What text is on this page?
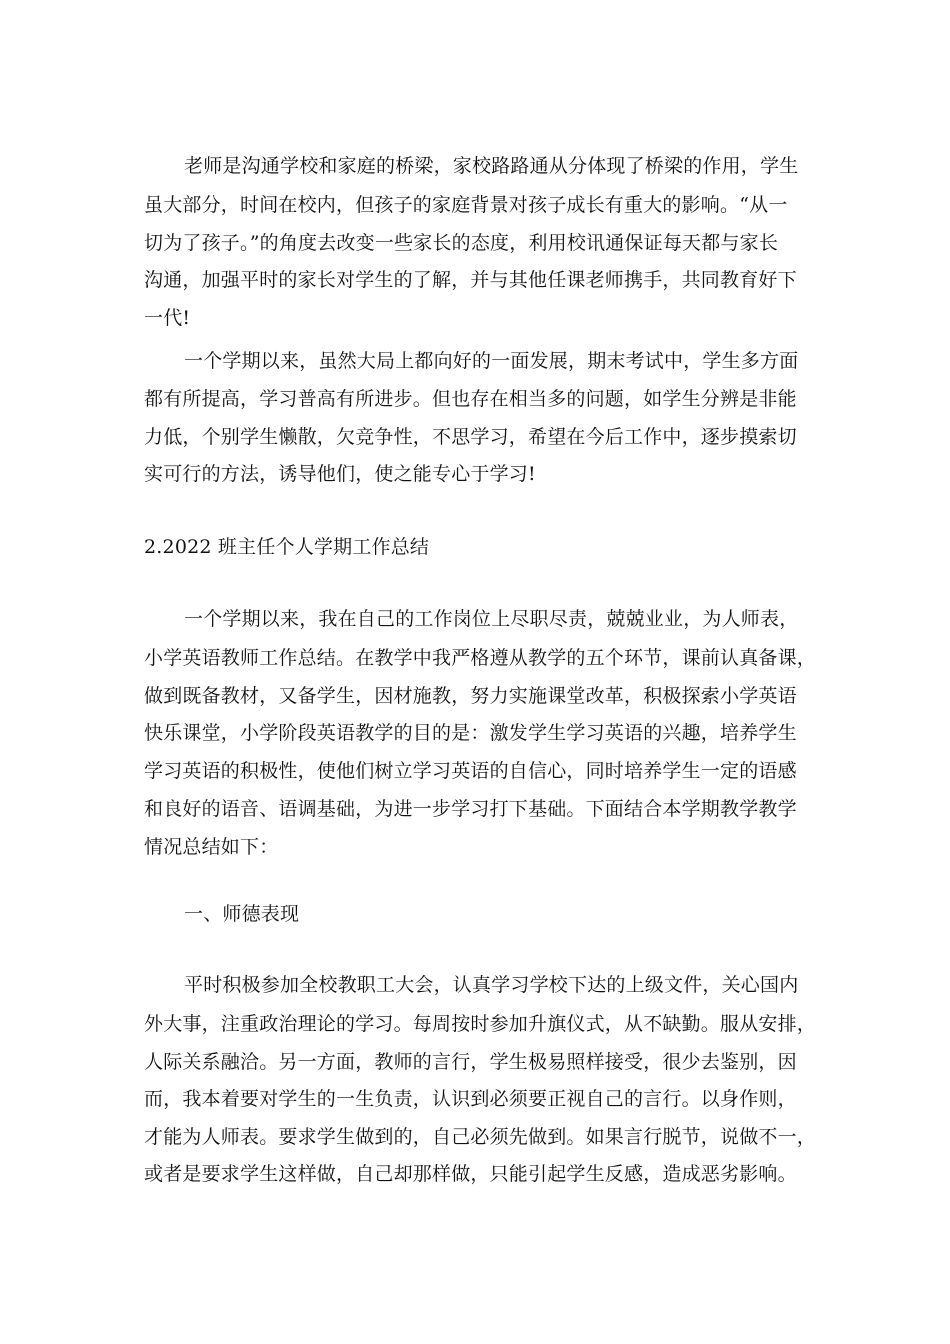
老师是沟通学校和家庭的桥梁，家校路路通从分体现了桥梁的作用，学生
虽大部分，时间在校内，但孩子的家庭背景对孩子成长有重大的影响。“从一
切为了孩子。”的角度去改变一些家长的态度，利用校讯通保证每天都与家长
沟通，加强平时的家长对学生的了解，并与其他任课老师携手，共同教育好下
一代!
一个学期以来，虽然大局上都向好的一面发展，期末考试中，学生多方面
都有所提高，学习普高有所进步。但也存在相当多的问题，如学生分辨是非能
力低，个别学生懒散，欠竞争性，不思学习，希望在今后工作中，逐步摸索切
实可行的方法，诱导他们，使之能专心于学习!
2.2022 班主任个人学期工作总结
一个学期以来，我在自己的工作岗位上尽职尽责，兢兢业业，为人师表，
小学英语教师工作总结。在教学中我严格遵从教学的五个环节，课前认真备课，
做到既备教材，又备学生，因材施教，努力实施课堂改革，积极探索小学英语
快乐课堂，小学阶段英语教学的目的是：激发学生学习英语的兴趣，培养学生
学习英语的积极性，使他们树立学习英语的自信心，同时培养学生一定的语感
和良好的语音、语调基础，为进一步学习打下基础。下面结合本学期教学教学
情况总结如下：
一、师德表现
平时积极参加全校教职工大会，认真学习学校下达的上级文件，关心国内
外大事，注重政治理论的学习。每周按时参加升旗仪式，从不缺勤。服从安排，
人际关系融洽。另一方面，教师的言行，学生极易照样接受，很少去鉴别，因
而，我本着要对学生的一生负责，认识到必须要正视自己的言行。以身作则，
才能为人师表。要求学生做到的，自己必须先做到。如果言行脱节，说做不一，
或者是要求学生这样做，自己却那样做，只能引起学生反感，造成恶劣影响。
